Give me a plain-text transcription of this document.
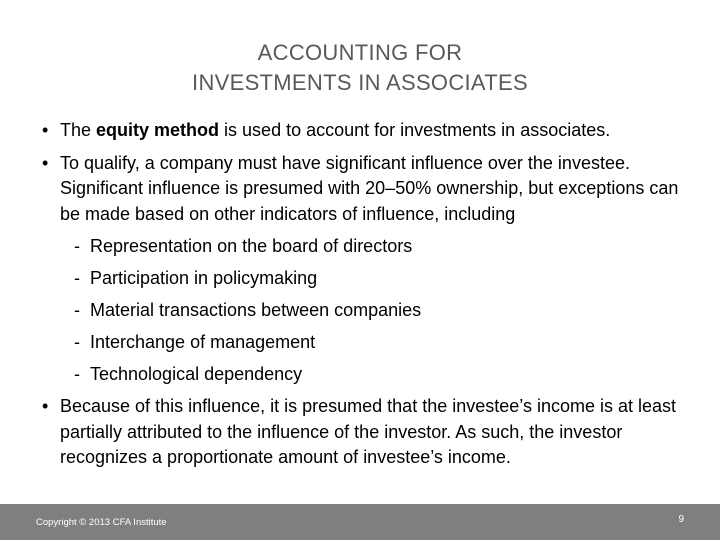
ACCOUNTING FOR
INVESTMENTS IN ASSOCIATES
• The equity method is used to account for investments in associates.
• To qualify, a company must have significant influence over the investee. Significant influence is presumed with 20–50% ownership, but exceptions can be made based on other indicators of influence, including
- Representation on the board of directors
- Participation in policymaking
- Material transactions between companies
- Interchange of management
- Technological dependency
• Because of this influence, it is presumed that the investee’s income is at least partially attributed to the influence of the investor. As such, the investor recognizes a proportionate amount of investee’s income.
Copyright © 2013 CFA Institute	9
